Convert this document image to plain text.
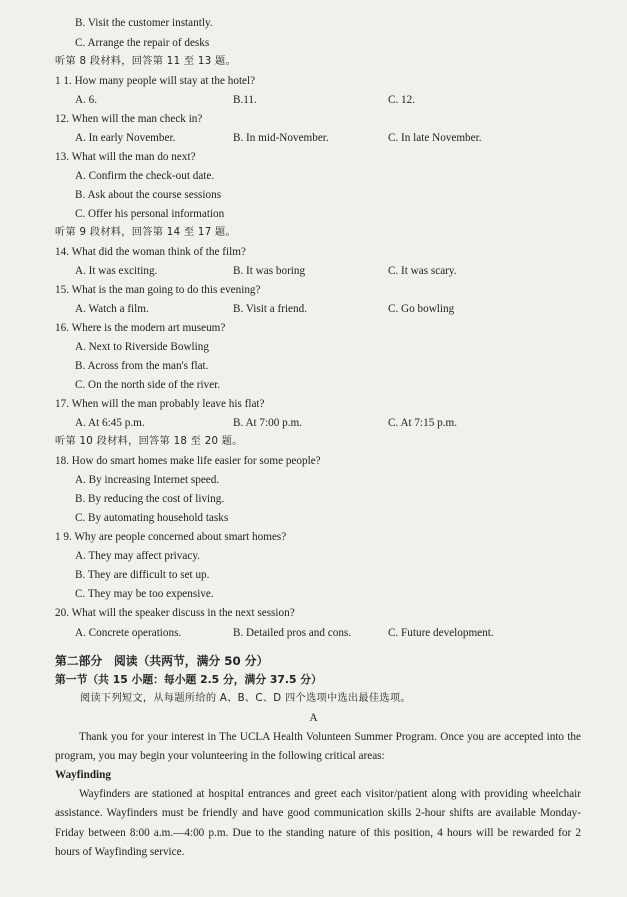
B. Visit the customer instantly.
C. Arrange the repair of desks
听第 8 段材料，回答第 11 至 13 题。
1 1. How many people will stay at the hotel?
A. 6.	B.11.	C. 12.
12. When will the man check in?
A. In early November.	B. In mid-November.	C. In late November.
13. What will the man do next?
A. Confirm the check-out date.
B. Ask about the course sessions
C. Offer his personal information
听第 9 段材料，回答第 14 至 17 题。
14. What did the woman think of the film?
A. It was exciting.	B. It was boring	C. It was scary.
15. What is the man going to do this evening?
A. Watch a film.	B. Visit a friend.	C. Go bowling
16. Where is the modern art museum?
A. Next to Riverside Bowling
B. Across from the man's flat.
C. On the north side of the river.
17. When will the man probably leave his flat?
A. At 6:45 p.m.	B. At 7:00 p.m.	C. At 7:15 p.m.
听第 10 段材料，回答第 18 至 20 题。
18. How do smart homes make life easier for some people?
A. By increasing Internet speed.
B. By reducing the cost of living.
C. By automating household tasks
1 9. Why are people concerned about smart homes?
A. They may affect privacy.
B. They are difficult to set up.
C. They may be too expensive.
20. What will the speaker discuss in the next session?
A. Concrete operations.	B. Detailed pros and cons.	C. Future development.
第二部分　阅读（共两节，满分 50 分）
第一节（共 15 小题：每小题 2.5 分，满分 37.5 分）
阅读下列短文，从每题所给的 A、B、C、D 四个选项中选出最佳选项。
A

Thank you for your interest in The UCLA Health Volunteen Summer Program. Once you are accepted into the program, you may begin your volunteering in the following critical areas:

Wayfinding

Wayfinders are stationed at hospital entrances and greet each visitor/patient along with providing wheelchair assistance. Wayfinders must be friendly and have good communication skills 2-hour shifts are available Monday-Friday between 8:00 a.m.—4:00 p.m. Due to the standing nature of this position, 4 hours will be rewarded for 2 hours of Wayfinding service.
